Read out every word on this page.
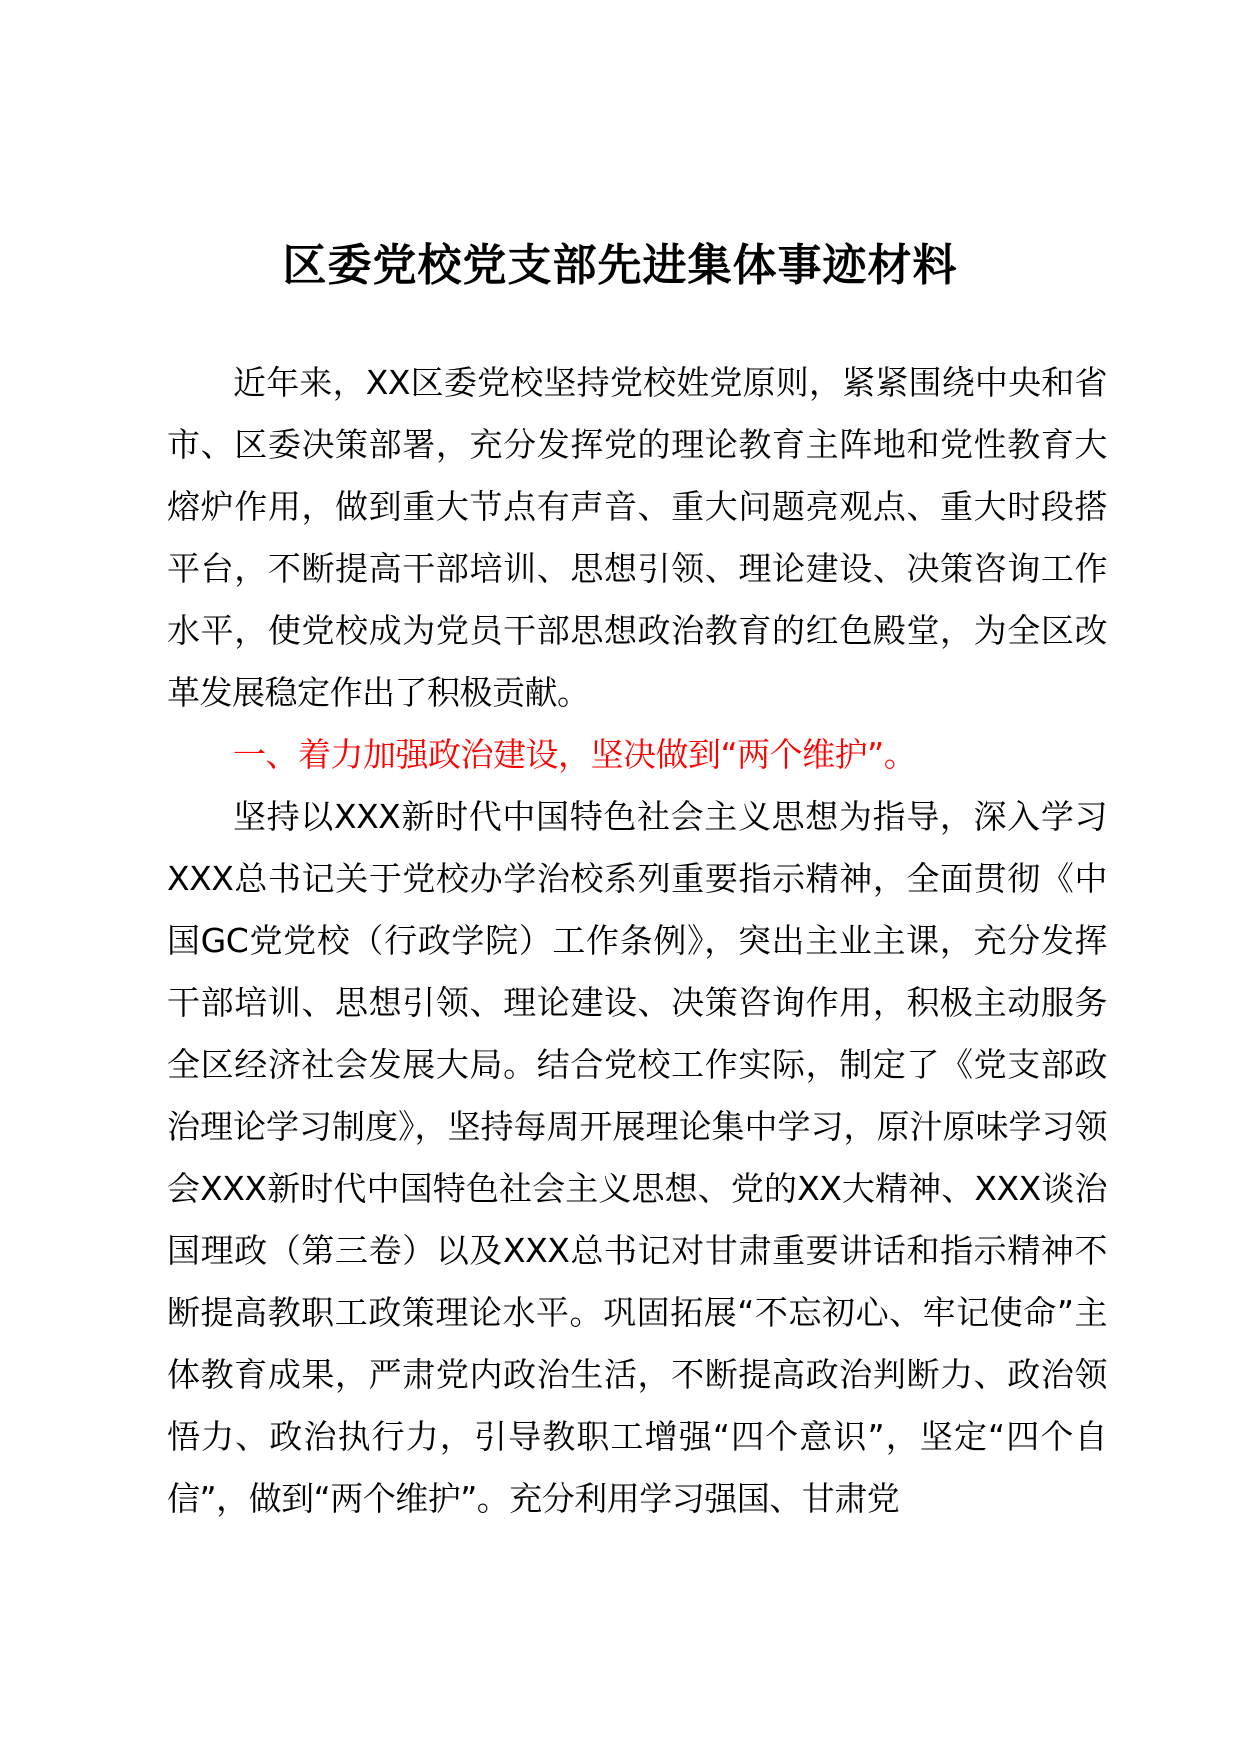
区委党校党支部先进集体事迹材料

近年来，XX区委党校坚持党校姓党原则，紧紧围绕中央和省市、区委决策部署，充分发挥党的理论教育主阵地和党性教育大熔炉作用，做到重大节点有声音、重大问题亮观点、重大时段搭平台，不断提高干部培训、思想引领、理论建设、决策咨询工作水平，使党校成为党员干部思想政治教育的红色殿堂，为全区改革发展稳定作出了积极贡献。

一、着力加强政治建设，坚决做到“两个维护”。

坚持以XXX新时代中国特色社会主义思想为指导，深入学习XXX总书记关于党校办学治校系列重要指示精神，全面贯彻《中国GC党党校（行政学院）工作条例》，突出主业主课，充分发挥干部培训、思想引领、理论建设、决策咨询作用，积极主动服务全区经济社会发展大局。结合党校工作实际，制定了《党支部政治理论学习制度》，坚持每周开展理论集中学习，原汁原味学习领会XXX新时代中国特色社会主义思想、党的XX大精神、XXX谈治国理政（第三卷）以及XXX总书记对甘肃重要讲话和指示精神不断提高教职工政策理论水平。巩固拓展“不忘初心、牢记使命”主体教育成果，严肃党内政治生活，不断提高政治判断力、政治领悟力、政治执行力，引导教职工增强“四个意识”，坚定“四个自信”，做到“两个维护”。充分利用学习强国、甘肃党
